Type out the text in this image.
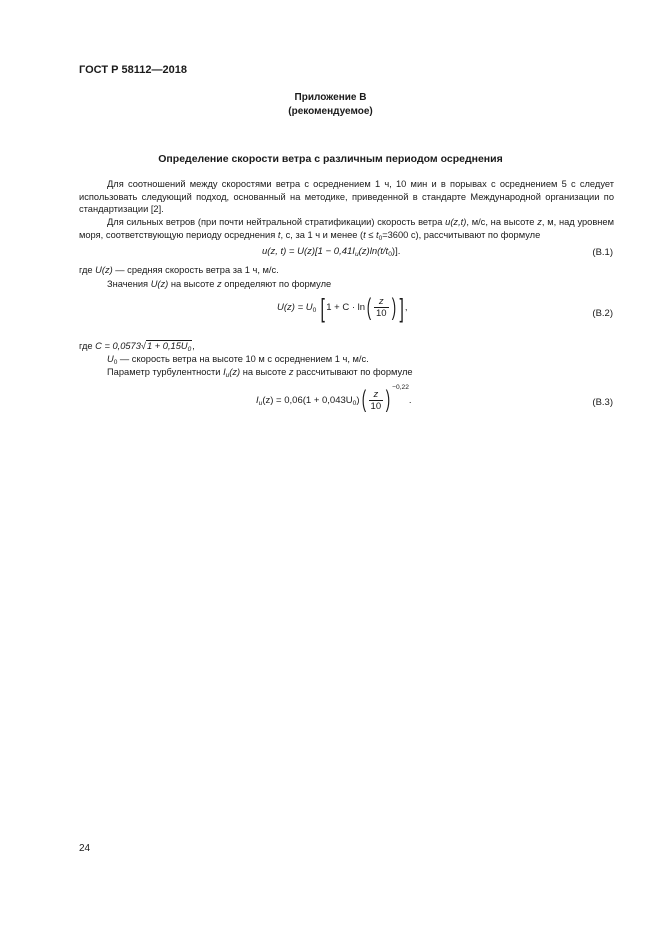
ГОСТ Р 58112—2018
Приложение В
(рекомендуемое)
Определение скорости ветра с различным периодом осреднения
Для соотношений между скоростями ветра с осреднением 1 ч, 10 мин и в порывах с осреднением 5 с следует использовать следующий подход, основанный на методике, приведенной в стандарте Международной организации по стандартизации [2].
Для сильных ветров (при почти нейтральной стратификации) скорость ветра u(z,t), м/с, на высоте z, м, над уровнем моря, соответствующую периоду осреднения t, с, за 1 ч и менее ($t \le t_0=3600$ с), рассчитывают по формуле
u(z, $t) = U(z)[1 - 0,41I_u(z)\ln(t/t_0)]$.	(B.1)
где U(z) — средняя скорость ветра за 1 ч, м/с.
Значения U(z) на высоте z определяют по формуле
$U(z) = U_0$ [$1 + C \cdot \ln( \frac{z}{10}$ ) ],
(B.2)
где $C = 0,0573√1 + 0,15U_0$,
$U_0$ — скорость ветра на высоте 10 м с осреднением 1 ч, м/с.
Параметр турбулентности $I_u(z)$ на высоте z рассчитывают по формуле
$I_u(z) = 0,06(1 + 0,043U_0)( \frac{z}{10}$ ) $^{-0,22}$.	(B.3)
24
